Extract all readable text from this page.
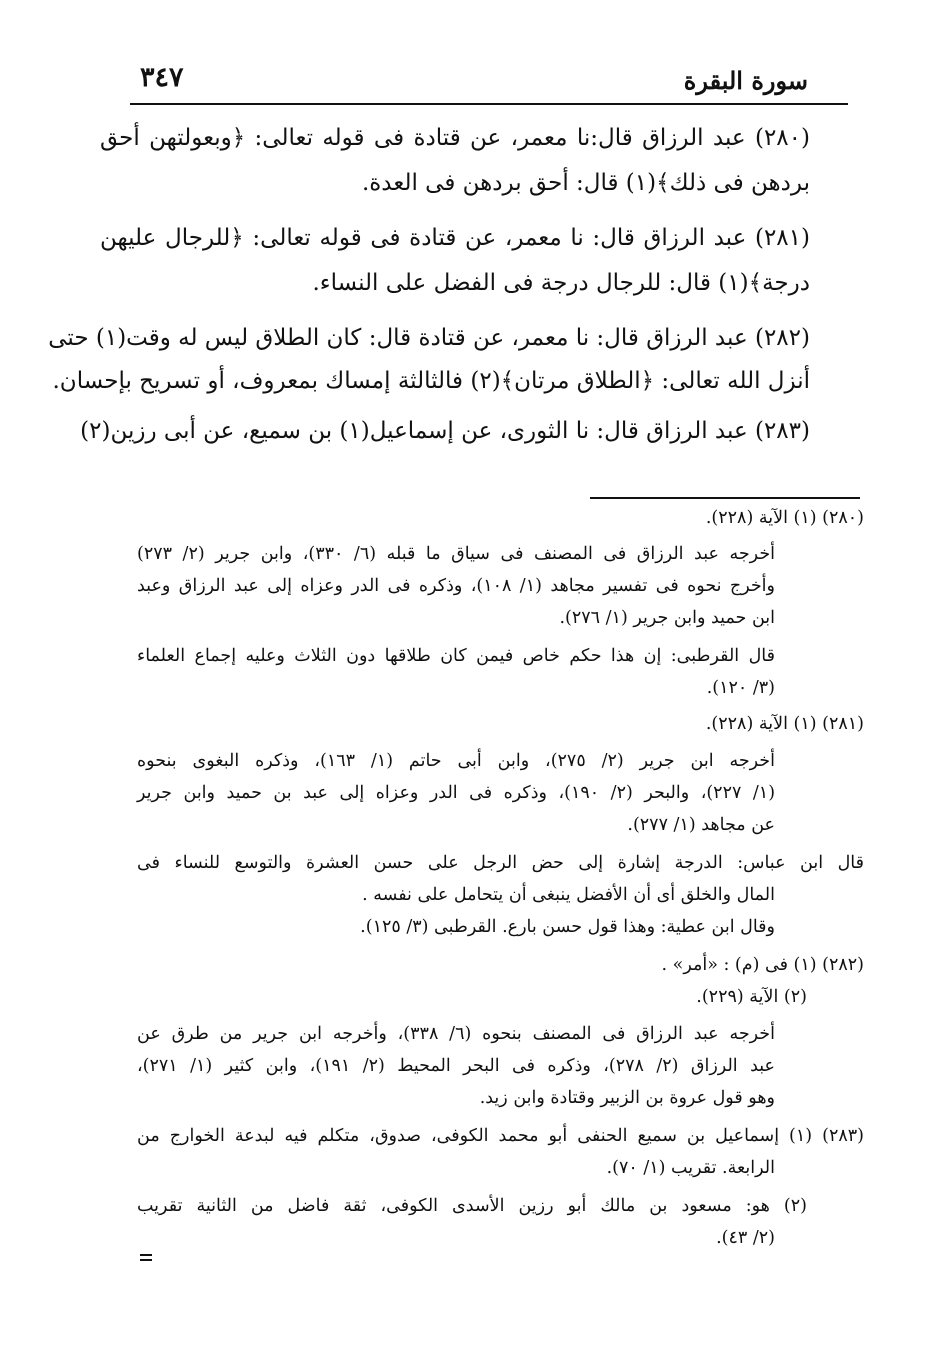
سورة البقرة
٣٤٧
(٢٨٠) عبد الرزاق قال:نا معمر، عن قتادة فى قوله تعالى: ﴿وبعولتهن أحق
بردهن فى ذلك﴾(١) قال: أحق بردهن فى العدة.
(٢٨١) عبد الرزاق قال: نا معمر، عن قتادة فى قوله تعالى: ﴿للرجال عليهن
درجة﴾(١) قال: للرجال درجة فى الفضل على النساء.
(٢٨٢) عبد الرزاق قال: نا معمر، عن قتادة قال: كان الطلاق ليس له وقت(١) حتى
أنزل الله تعالى: ﴿الطلاق مرتان﴾(٢) فالثالثة إمساك بمعروف، أو تسريح بإحسان.
(٢٨٣) عبد الرزاق قال: نا الثورى، عن إسماعيل(١) بن سميع، عن أبى رزين(٢)
(٢٨٠) (١) الآية (٢٢٨).
أخرجه عبد الرزاق فى المصنف فى سياق ما قبله (٦/ ٣٣٠)، وابن جرير (٢/ ٢٧٣)
وأخرج نحوه فى تفسير مجاهد (١/ ١٠٨)، وذكره فى الدر وعزاه إلى عبد الرزاق وعبد
ابن حميد وابن جرير (١/ ٢٧٦).
قال القرطبى: إن هذا حكم خاص فيمن كان طلاقها دون الثلاث وعليه إجماع العلماء
(٣/ ١٢٠).
(٢٨١) (١) الآية (٢٢٨).
أخرجه ابن جرير (٢/ ٢٧٥)، وابن أبى حاتم (١/ ١٦٣)، وذكره البغوى بنحوه
(١/ ٢٢٧)، والبحر (٢/ ١٩٠)، وذكره فى الدر وعزاه إلى عبد بن حميد وابن جرير
عن مجاهد (١/ ٢٧٧).
قال ابن عباس: الدرجة إشارة إلى حض الرجل على حسن العشرة والتوسع للنساء فى
المال والخلق أى أن الأفضل ينبغى أن يتحامل على نفسه .
وقال ابن عطية: وهذا قول حسن بارع. القرطبى (٣/ ١٢٥).
(٢٨٢) (١) فى (م) : «أمر» .
(٢) الآية (٢٢٩).
أخرجه عبد الرزاق فى المصنف بنحوه (٦/ ٣٣٨)، وأخرجه ابن جرير من طرق عن
عبد الرزاق (٢/ ٢٧٨)، وذكره فى البحر المحيط (٢/ ١٩١)، وابن كثير (١/ ٢٧١)،
وهو قول عروة بن الزبير وقتادة وابن زيد.
(٢٨٣) (١) إسماعيل بن سميع الحنفى أبو محمد الكوفى، صدوق، متكلم فيه لبدعة الخوارج من
الرابعة. تقريب (١/ ٧٠).
(٢) هو: مسعود بن مالك أبو رزين الأسدى الكوفى، ثقة فاضل من الثانية تقريب
(٢/ ٤٣).
